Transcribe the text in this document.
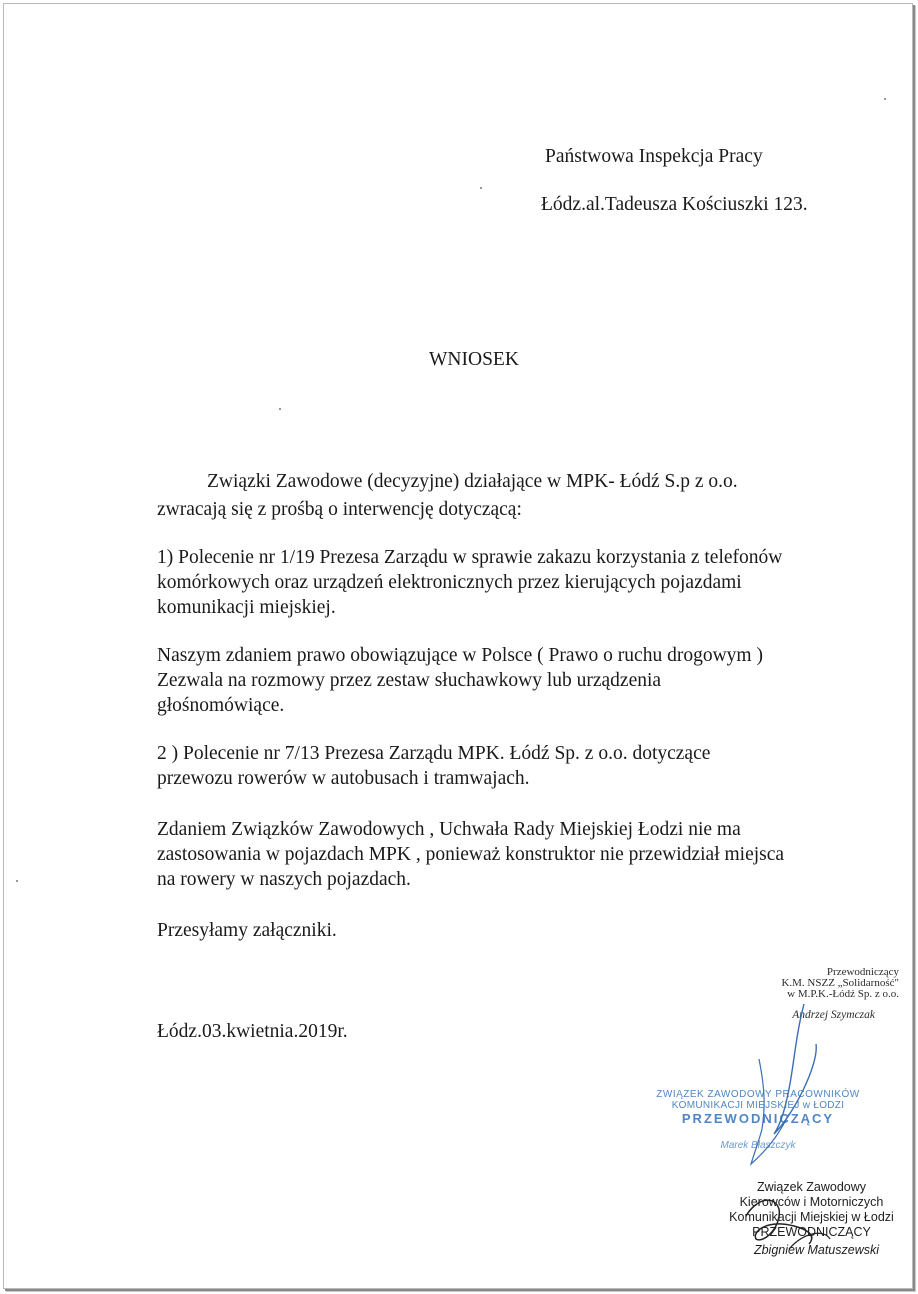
Państwowa Inspekcja Pracy
Łódz.al.Tadeusza Kościuszki 123.
WNIOSEK
Związki Zawodowe (decyzyjne) działające w MPK- Łódź S.p z o.o.
zwracają się z prośbą o interwencję dotyczącą:
1) Polecenie nr 1/19 Prezesa Zarządu w sprawie zakazu korzystania z telefonów
komórkowych oraz urządzeń elektronicznych przez kierujących pojazdami
komunikacji miejskiej.
Naszym zdaniem prawo obowiązujące w Polsce ( Prawo o ruchu drogowym )
Zezwala na rozmowy przez zestaw słuchawkowy lub urządzenia
głośnomówiące.
2 ) Polecenie nr 7/13 Prezesa Zarządu MPK. Łódź Sp. z o.o. dotyczące
przewozu rowerów w autobusach i tramwajach.
Zdaniem Związków Zawodowych , Uchwała Rady Miejskiej Łodzi nie ma
zastosowania w pojazdach MPK , ponieważ konstruktor nie przewidział miejsca
na rowery w naszych pojazdach.
Przesyłamy załączniki.
Łódz.03.kwietnia.2019r.
Przewodniczący
K.M. NSZZ „Solidarność"
w M.P.K.-Łódź Sp. z o.o.
Andrzej Szymczak
ZWIĄZEK ZAWODOWY PRACOWNIKÓW
KOMUNIKACJI MIEJSKIEJ w ŁODZI
PRZEWODNICZĄCY
Marek Błaszczyk
Związek Zawodowy
Kierowców i Motorniczych
Komunikacji Miejskiej w Łodzi
PRZEWODNICZĄCY
Zbigniew Matuszewski
